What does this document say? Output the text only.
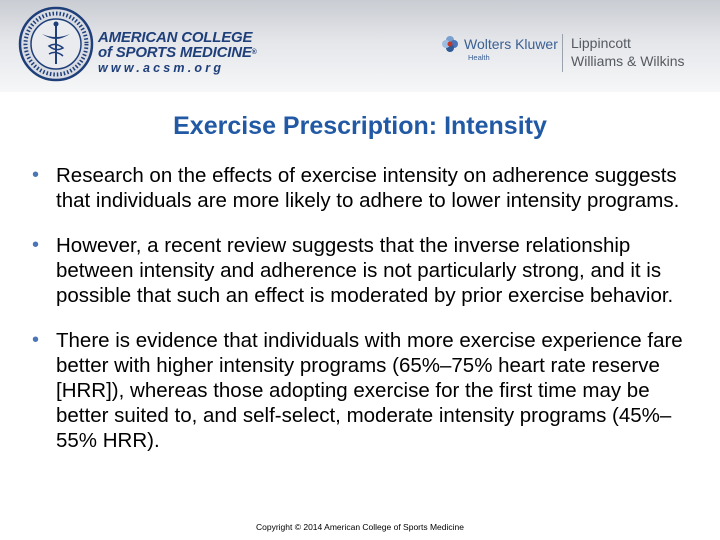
AMERICAN COLLEGE
of SPORTS MEDICINE®
www.acsm.org
Wolters Kluwer
Health
Lippincott
Williams & Wilkins
Exercise Prescription: Intensity
• Research on the effects of exercise intensity on adherence suggests that individuals are more likely to adhere to lower intensity programs.
• However, a recent review suggests that the inverse relationship between intensity and adherence is not particularly strong, and it is possible that such an effect is moderated by prior exercise behavior.
• There is evidence that individuals with more exercise experience fare better with higher intensity programs (65%–75% heart rate reserve [HRR]), whereas those adopting exercise for the first time may be better suited to, and self-select, moderate intensity programs (45%–55% HRR).
Copyright © 2014 American College of Sports Medicine
